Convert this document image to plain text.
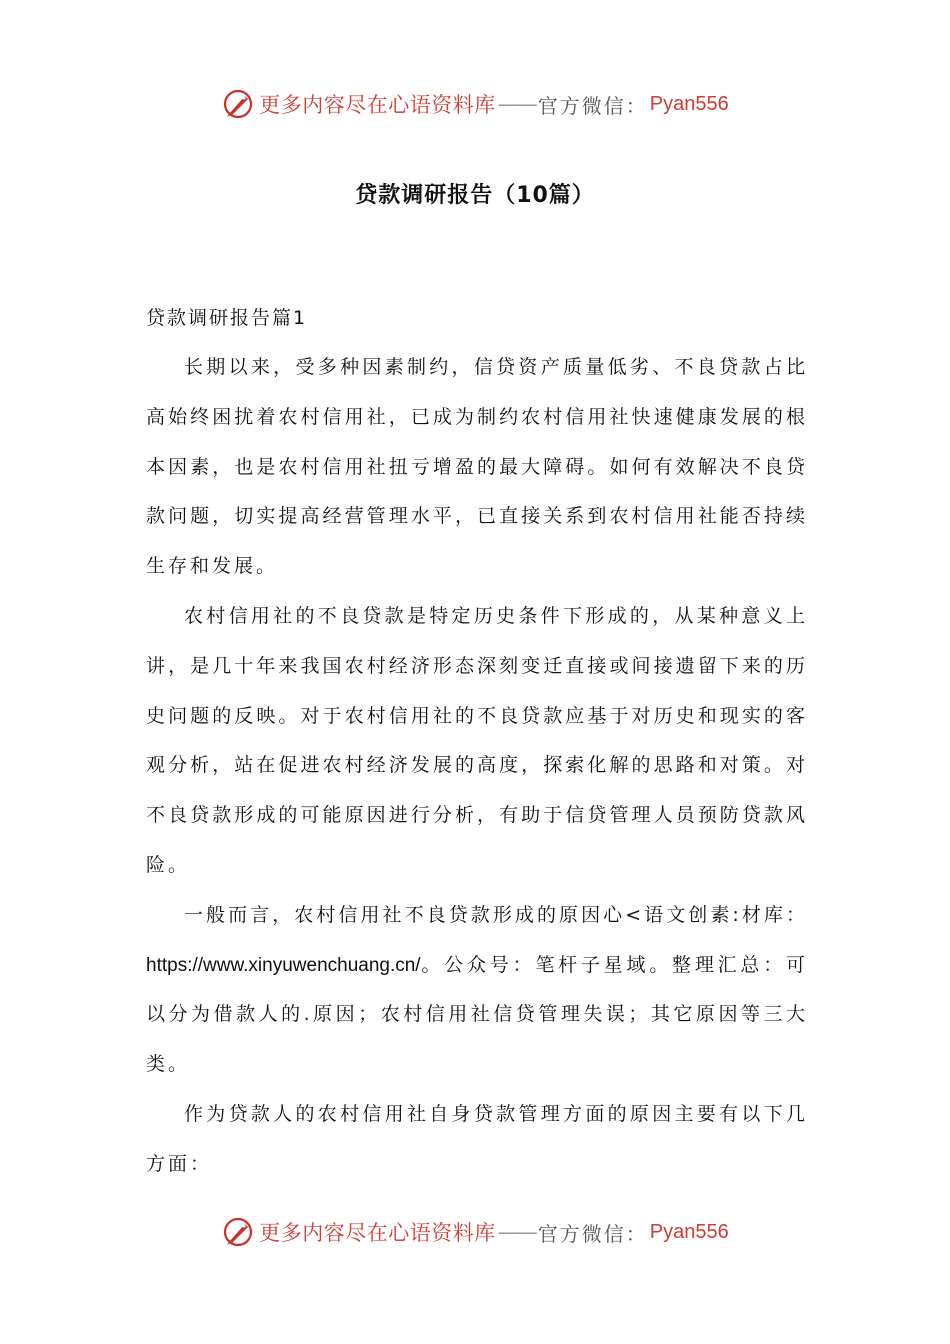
更多内容尽在心语资料库 —— 官方微信： Pyan556
贷款调研报告（10篇）
贷款调研报告篇1

长期以来，受多种因素制约，信贷资产质量低劣、不良贷款占比高始终困扰着农村信用社，已成为制约农村信用社快速健康发展的根本因素，也是农村信用社扭亏增盈的最大障碍。如何有效解决不良贷款问题，切实提高经营管理水平，已直接关系到农村信用社能否持续生存和发展。

农村信用社的不良贷款是特定历史条件下形成的，从某种意义上讲，是几十年来我国农村经济形态深刻变迁直接或间接遗留下来的历史问题的反映。对于农村信用社的不良贷款应基于对历史和现实的客观分析，站在促进农村经济发展的高度，探索化解的思路和对策。对不良贷款形成的可能原因进行分析，有助于信贷管理人员预防贷款风险。

一般而言，农村信用社不良贷款形成的原因心<语文创素:材库：https://www.xinyuwenchuang.cn/。公众号：笔杆子星域。整理汇总：可以分为借款人的.原因；农村信用社信贷管理失误；其它原因等三大类。

作为贷款人的农村信用社自身贷款管理方面的原因主要有以下几方面：

更多内容尽在心语资料库 —— 官方微信： Pyan556
